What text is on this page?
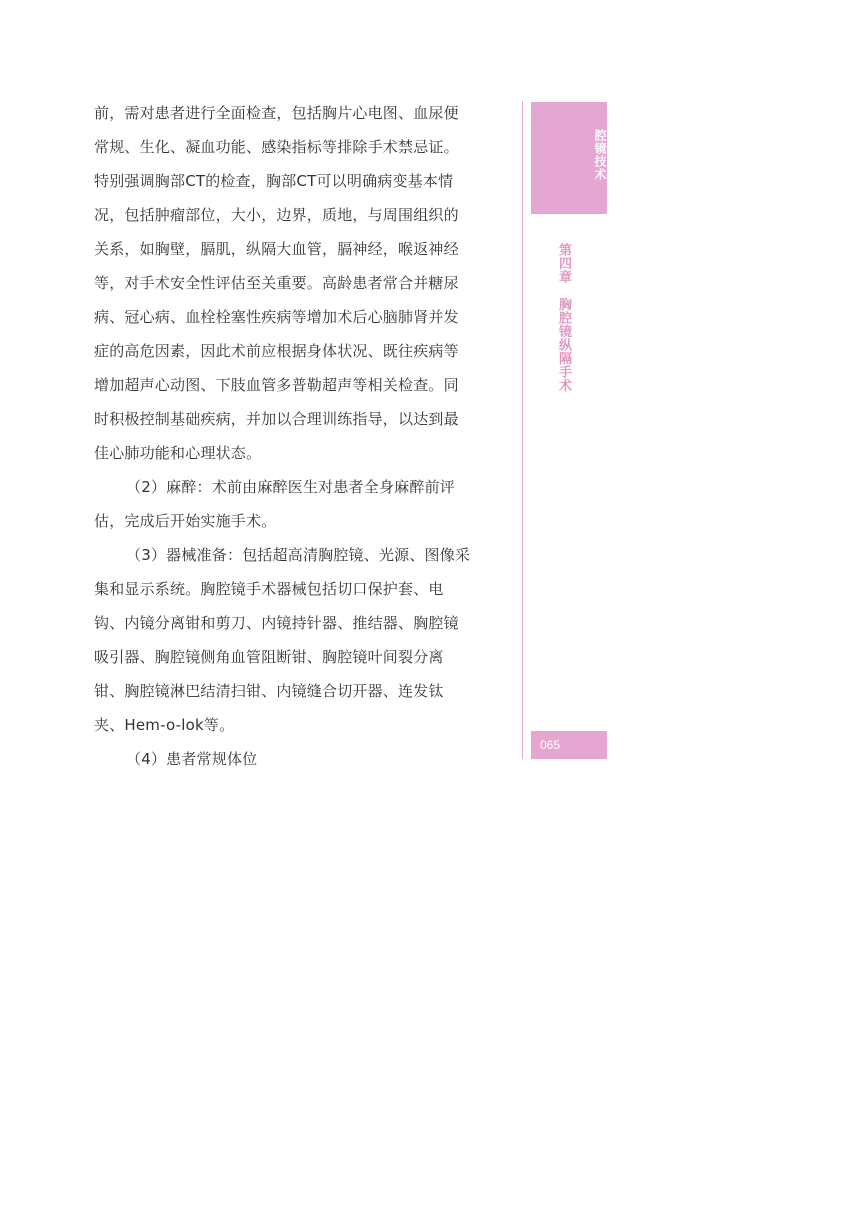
前，需对患者进行全面检查，包括胸片心电图、血尿便
常规、生化、凝血功能、感染指标等排除手术禁忌证。
特别强调胸部CT的检查，胸部CT可以明确病变基本情
况，包括肿瘤部位，大小，边界，质地，与周围组织的
关系，如胸壁，膈肌，纵隔大血管，膈神经，喉返神经
等，对手术安全性评估至关重要。高龄患者常合并糖尿
病、冠心病、血栓栓塞性疾病等增加术后心脑肺肾并发
症的高危因素，因此术前应根据身体状况、既往疾病等
增加超声心动图、下肢血管多普勒超声等相关检查。同
时积极控制基础疾病，并加以合理训练指导，以达到最
佳心肺功能和心理状态。
（2）麻醉：术前由麻醉医生对患者全身麻醉前评
估，完成后开始实施手术。
（3）器械准备：包括超高清胸腔镜、光源、图像采
集和显示系统。胸腔镜手术器械包括切口保护套、电
钩、内镜分离钳和剪刀、内镜持针器、推结器、胸腔镜
吸引器、胸腔镜侧角血管阻断钳、胸腔镜叶间裂分离
钳、胸腔镜淋巴结清扫钳、内镜缝合切开器、连发钛
夹、Hem-o-lok等。
（4）患者常规体位
腔镜技术
第四章胸腔镜纵隔手术
065
